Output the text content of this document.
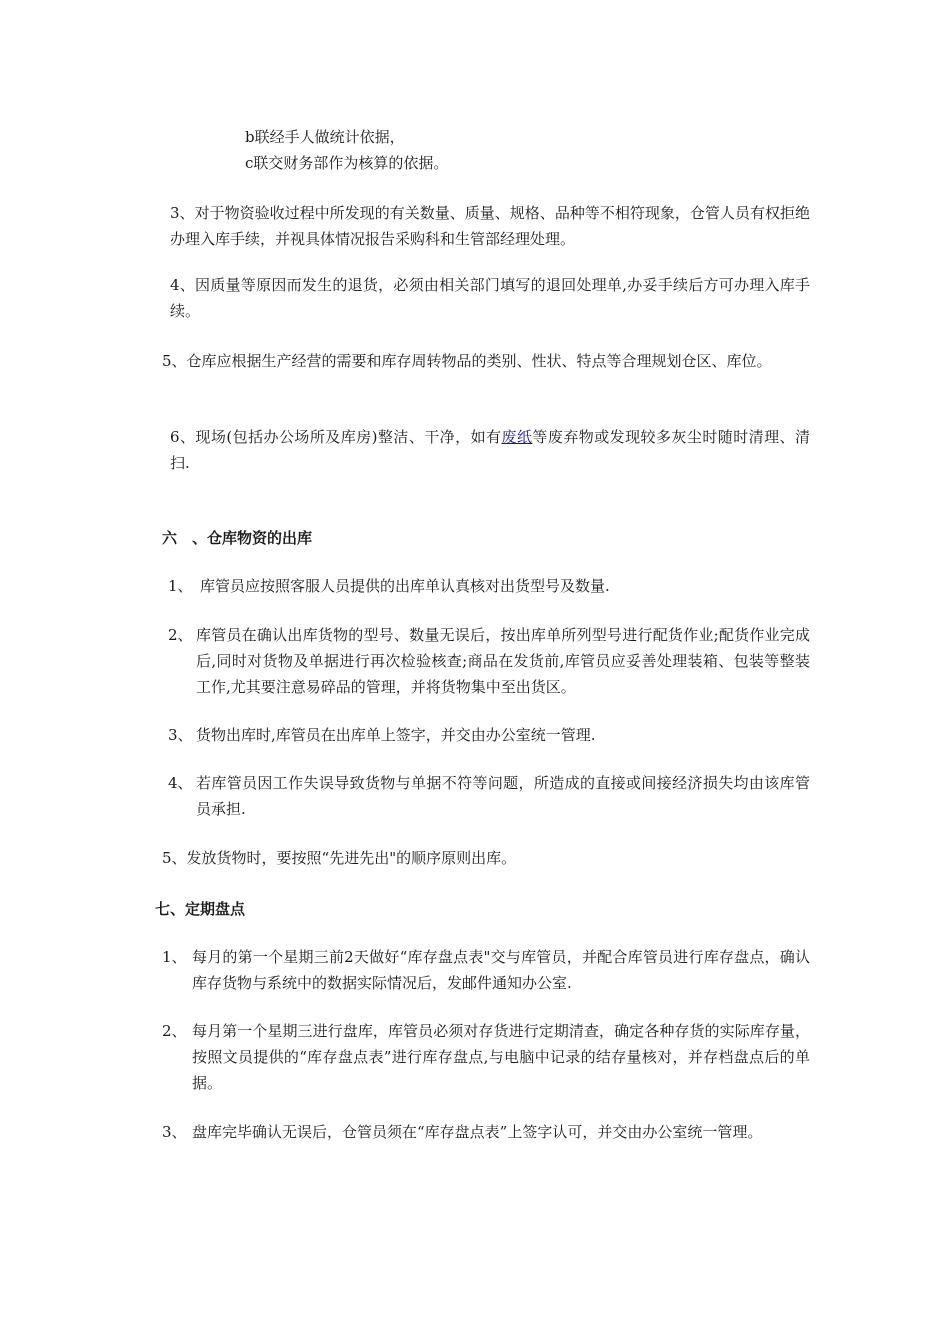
b联经手人做统计依据，

c联交财务部作为核算的依据。

3、对于物资验收过程中所发现的有关数量、质量、规格、品种等不相符现象，仓管人员有权拒绝办理入库手续，并视具体情况报告采购科和生管部经理处理。

4、因质量等原因而发生的退货，必须由相关部门填写的退回处理单,办妥手续后方可办理入库手续。

5、仓库应根据生产经营的需要和库存周转物品的类别、性状、特点等合理规划仓区、库位。

6、现场(包括办公场所及库房)整洁、干净，如有废纸等废弃物或发现较多灰尘时随时清理、清扫.

六　、仓库物资的出库
1、 库管员应按照客服人员提供的出库单认真核对出货型号及数量.
2、 库管员在确认出库货物的型号、数量无误后，按出库单所列型号进行配货作业;配货作业完成后,同时对货物及单据进行再次检验核查;商品在发货前,库管员应妥善处理装箱、包装等整装工作,尤其要注意易碎品的管理，并将货物集中至出货区。
3、 货物出库时,库管员在出库单上签字，并交由办公室统一管理.
4、 若库管员因工作失误导致货物与单据不符等问题，所造成的直接或间接经济损失均由该库管员承担.

5、发放货物时，要按照“先进先出"的顺序原则出库。

七、定期盘点
1、 每月的第一个星期三前2天做好“库存盘点表"交与库管员，并配合库管员进行库存盘点，确认库存货物与系统中的数据实际情况后，发邮件通知办公室.
2、 每月第一个星期三进行盘库，库管员必须对存货进行定期清查，确定各种存货的实际库存量，按照文员提供的“库存盘点表”进行库存盘点,与电脑中记录的结存量核对，并存档盘点后的单据。
3、 盘库完毕确认无误后，仓管员须在“库存盘点表”上签字认可，并交由办公室统一管理。
